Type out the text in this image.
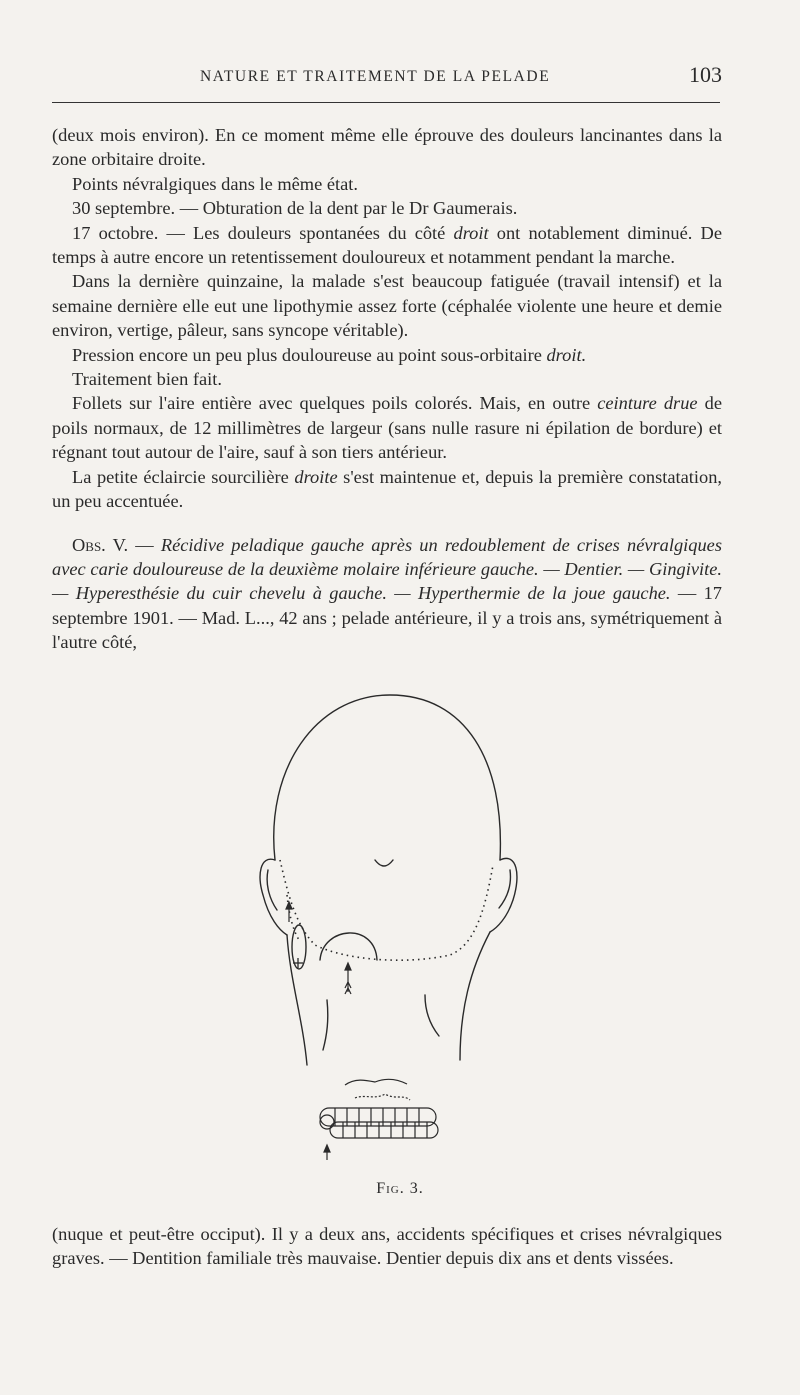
NATURE ET TRAITEMENT DE LA PELADE	103

(deux mois environ). En ce moment même elle éprouve des douleurs lancinantes dans la zone orbitaire droite.

Points névralgiques dans le même état.

30 septembre. — Obturation de la dent par le Dr Gaumerais.

17 octobre. — Les douleurs spontanées du côté droit ont notablement diminué. De temps à autre encore un retentissement douloureux et notamment pendant la marche.

Dans la dernière quinzaine, la malade s'est beaucoup fatiguée (travail intensif) et la semaine dernière elle eut une lipothymie assez forte (céphalée violente une heure et demie environ, vertige, pâleur, sans syncope véritable).

Pression encore un peu plus douloureuse au point sous-orbitaire droit.

Traitement bien fait.

Follets sur l'aire entière avec quelques poils colorés. Mais, en outre ceinture drue de poils normaux, de 12 millimètres de largeur (sans nulle rasure ni épilation de bordure) et régnant tout autour de l'aire, sauf à son tiers antérieur.

La petite éclaircie sourcilière droite s'est maintenue et, depuis la première constatation, un peu accentuée.

Obs. V. — Récidive peladique gauche après un redoublement de crises névralgiques avec carie douloureuse de la deuxième molaire inférieure gauche. — Dentier. — Gingivite. — Hyperesthésie du cuir chevelu à gauche. — Hyperthermie de la joue gauche. — 17 septembre 1901. — Mad. L..., 42 ans ; pelade antérieure, il y a trois ans, symétriquement à l'autre côté,

Fig. 3.
(nuque et peut-être occiput). Il y a deux ans, accidents spécifiques et crises névralgiques graves. — Dentition familiale très mauvaise. Dentier depuis dix ans et dents vissées.
